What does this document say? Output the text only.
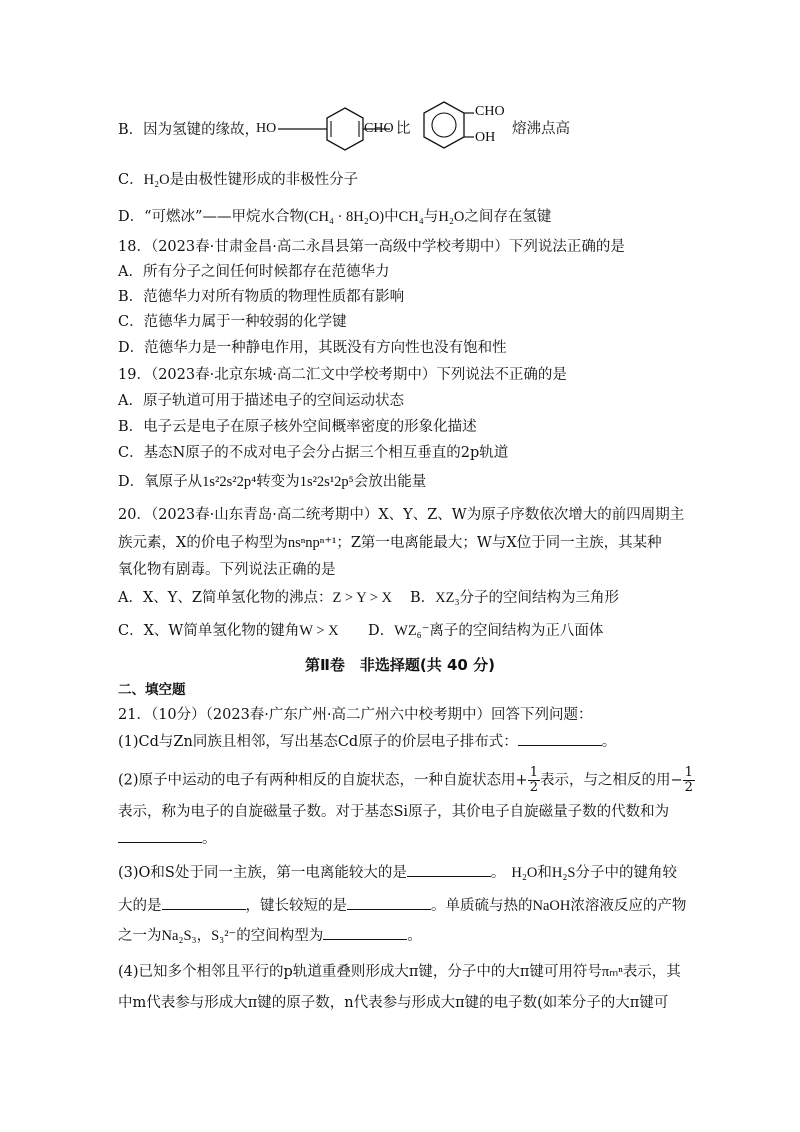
B．因为氢键的缘故，
HO	CHO 比
CHO
OH
熔沸点高
C．H₂O是由极性键形成的非极性分子
D．“可燃冰”——甲烷水合物(CH₄ · 8H₂O)中CH₄与H₂O之间存在氢键
18．（2023春·甘肃金昌·高二永昌县第一高级中学校考期中）下列说法正确的是
A．所有分子之间任何时候都存在范德华力
B．范德华力对所有物质的物理性质都有影响
C．范德华力属于一种较弱的化学键
D．范德华力是一种静电作用，其既没有方向性也没有饱和性
19．（2023春·北京东城·高二汇文中学校考期中）下列说法不正确的是
A．原子轨道可用于描述电子的空间运动状态
B．电子云是电子在原子核外空间概率密度的形象化描述
C．基态N原子的不成对电子会分占据三个相互垂直的2p轨道
D．氧原子从1s²2s²2p⁴转变为1s²2s¹2p⁵会放出能量
20．（2023春·山东青岛·高二统考期中）X、Y、Z、W为原子序数依次增大的前四周期主
族元素，X的价电子构型为nsⁿnpⁿ⁺¹；Z第一电离能最大；W与X位于同一主族，其某种
氧化物有剧毒。下列说法正确的是
A．X、Y、Z简单氢化物的沸点：Z > Y > X B．XZ₃分子的空间结构为三角形
C．X、W简单氢化物的键角W > X D．WZ₆⁻离子的空间结构为正八面体
第Ⅱ卷　非选择题(共 40 分)
二、填空题
21．（10分）（2023春·广东广州·高二广州六中校考期中）回答下列问题：
(1)Cd与Zn同族且相邻，写出基态Cd原子的价层电子排布式：	。
(2)原子中运动的电子有两种相反的自旋状态，一种自旋状态用+ $\frac{1}{2}$ 表示，与之相反的用− $\frac{1}{2}$
表示，称为电子的自旋磁量子数。对于基态Si原子，其价电子自旋磁量子数的代数和为
。
(3)O和S处于同一主族，第一电离能较大的是	。 H₂O和H₂S分子中的键角较
大的是	，键长较短的是	。单质硫与热的NaOH浓溶液反应的产物
之一为Na₂S₃，S₃²⁻的空间构型为	。
(4)已知多个相邻且平行的p轨道重叠则形成大π键，分子中的大π键可用符号πₘⁿ表示，其
中m代表参与形成大π键的原子数，n代表参与形成大π键的电子数(如苯分子的大π键可
